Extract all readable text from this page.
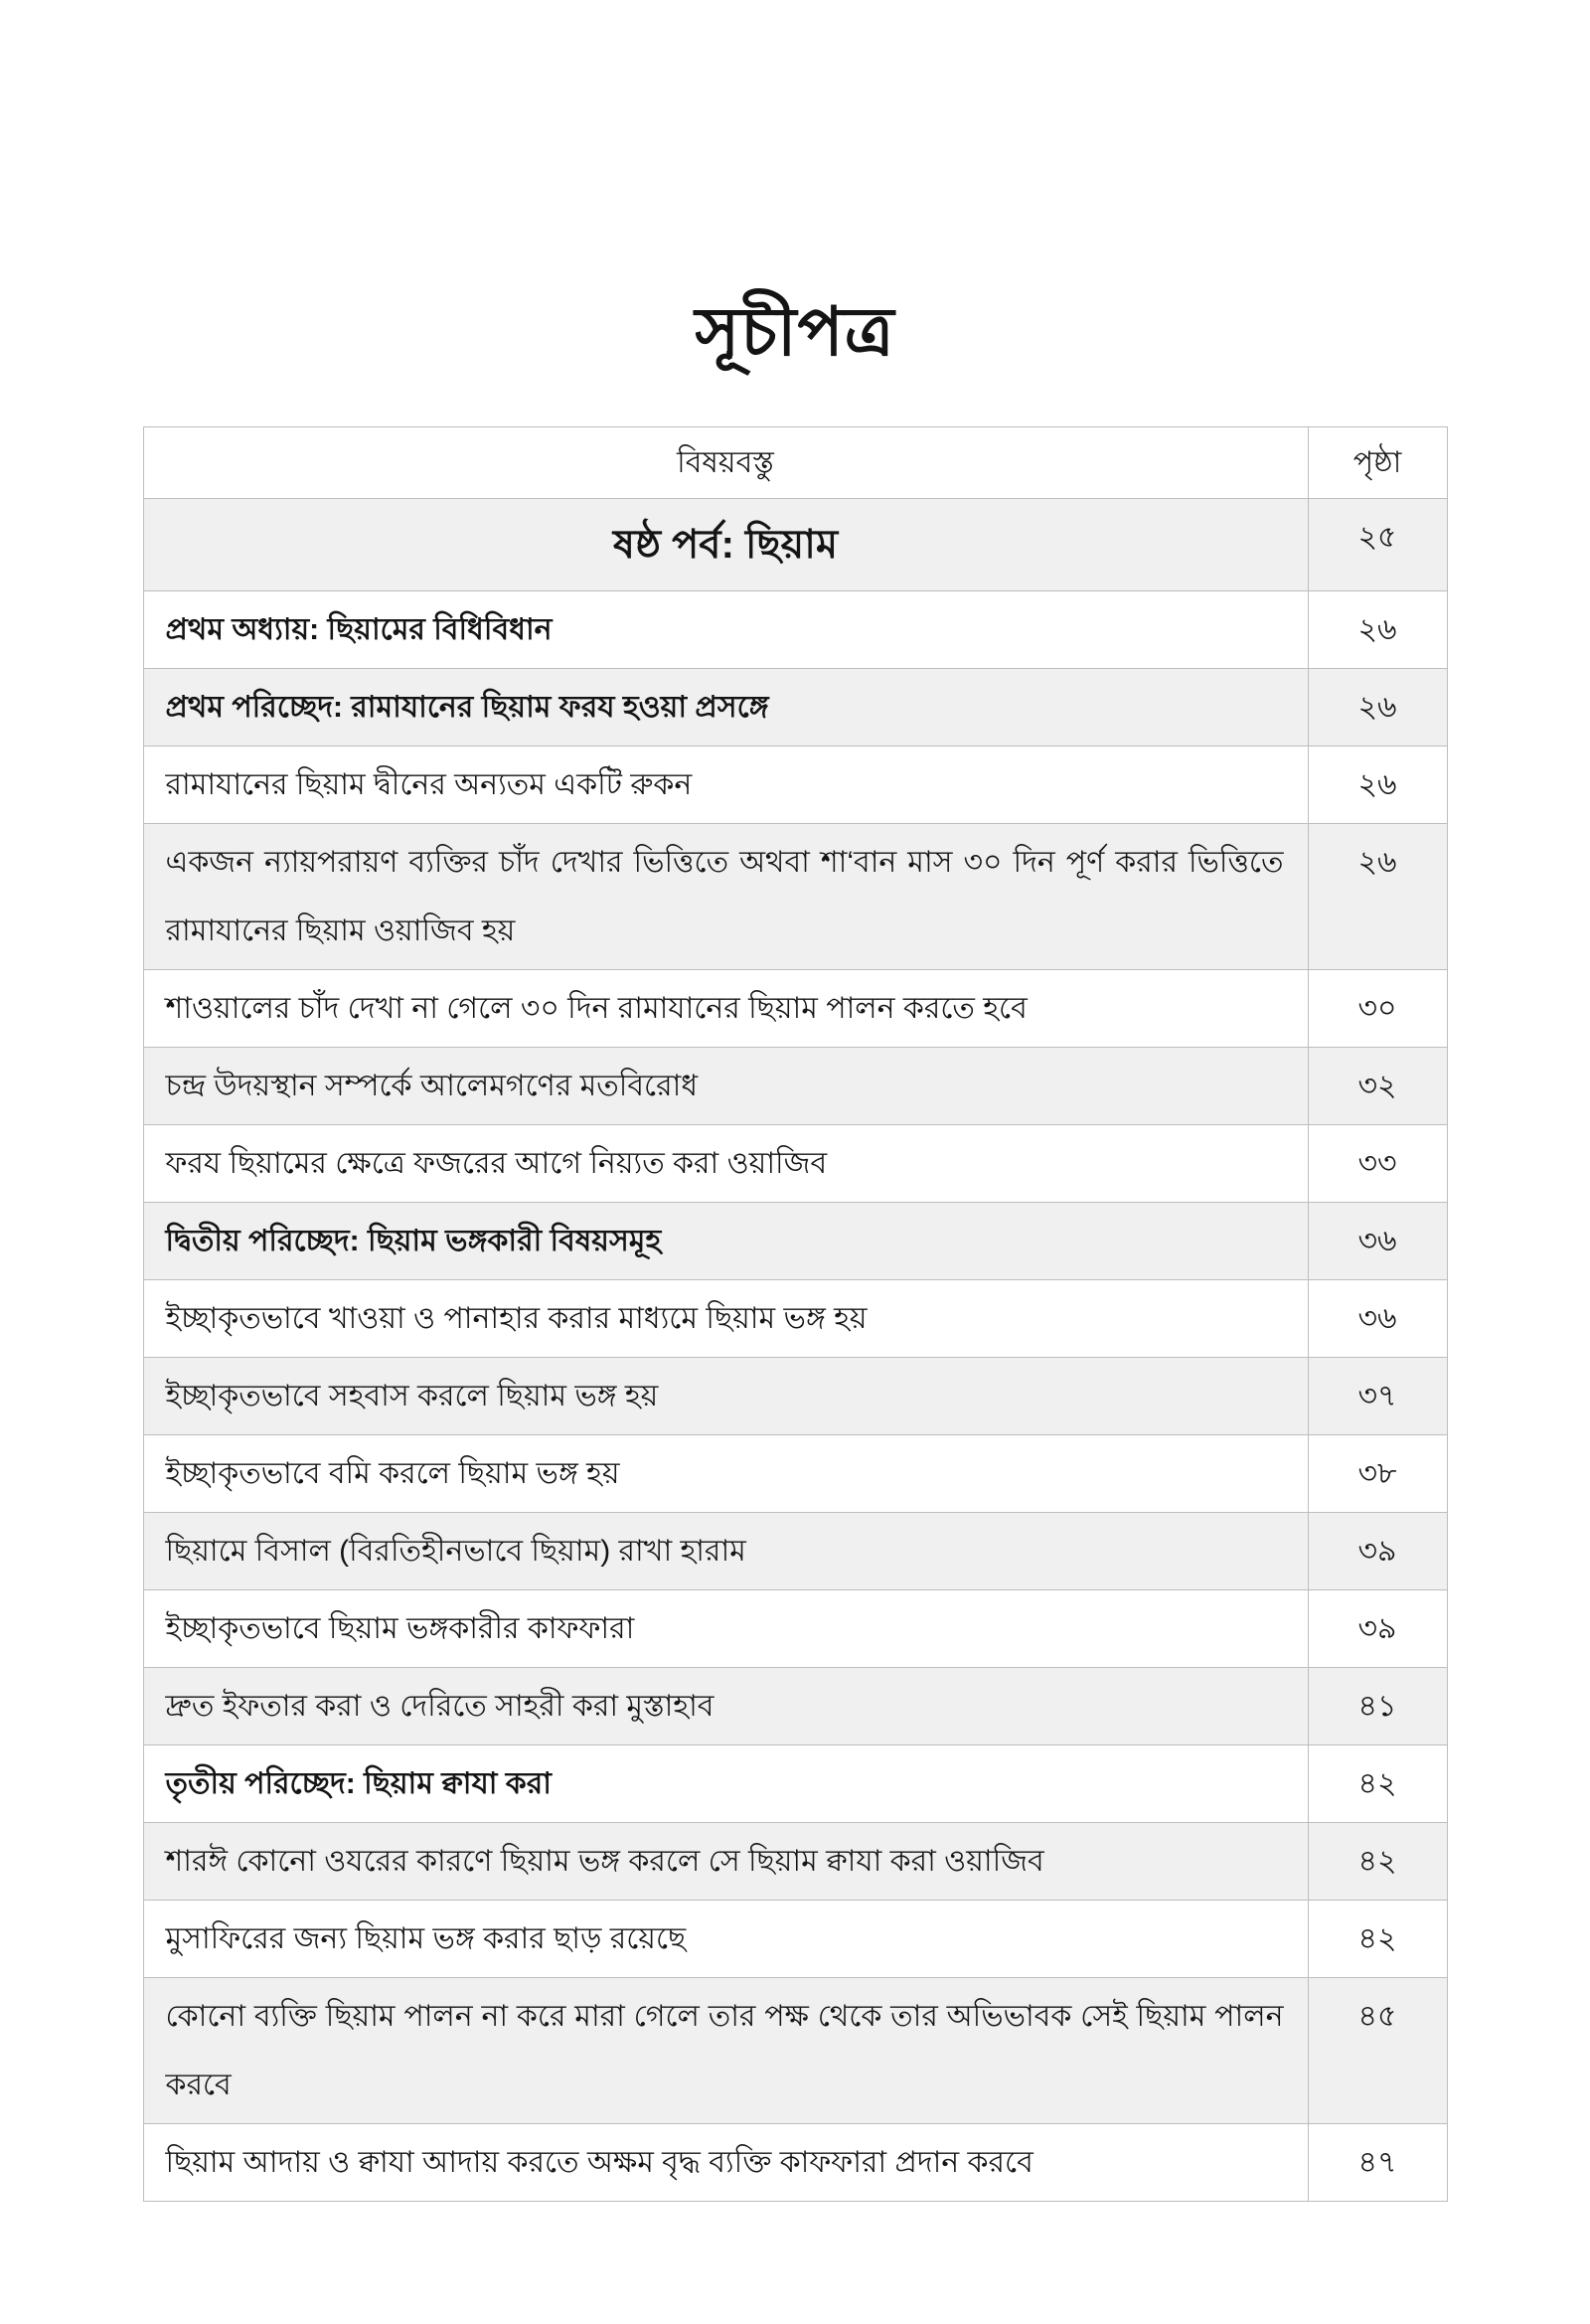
সূচীপত্র
বিষয়বস্তু	পৃষ্ঠা
ষষ্ঠ পর্ব: ছিয়াম	২৫
প্রথম অধ্যায়: ছিয়ামের বিধিবিধান	২৬
প্রথম পরিচ্ছেদ: রামাযানের ছিয়াম ফরয হওয়া প্রসঙ্গে	২৬
রামাযানের ছিয়াম দ্বীনের অন্যতম একটি রুকন	২৬
একজন ন্যায়পরায়ণ ব্যক্তির চাঁদ দেখার ভিত্তিতে অথবা শা‘বান মাস ৩০ দিন পূর্ণ করার ভিত্তিতে রামাযানের ছিয়াম ওয়াজিব হয়	২৬
শাওয়ালের চাঁদ দেখা না গেলে ৩০ দিন রামাযানের ছিয়াম পালন করতে হবে	৩০
চন্দ্র উদয়স্থান সম্পর্কে আলেমগণের মতবিরোধ	৩২
ফরয ছিয়ামের ক্ষেত্রে ফজরের আগে নিয়্যত করা ওয়াজিব	৩৩
দ্বিতীয় পরিচ্ছেদ: ছিয়াম ভঙ্গকারী বিষয়সমূহ	৩৬
ইচ্ছাকৃতভাবে খাওয়া ও পানাহার করার মাধ্যমে ছিয়াম ভঙ্গ হয়	৩৬
ইচ্ছাকৃতভাবে সহবাস করলে ছিয়াম ভঙ্গ হয়	৩৭
ইচ্ছাকৃতভাবে বমি করলে ছিয়াম ভঙ্গ হয়	৩৮
ছিয়ামে বিসাল (বিরতিহীনভাবে ছিয়াম) রাখা হারাম	৩৯
ইচ্ছাকৃতভাবে ছিয়াম ভঙ্গকারীর কাফফারা	৩৯
দ্রুত ইফতার করা ও দেরিতে সাহরী করা মুস্তাহাব	৪১
তৃতীয় পরিচ্ছেদ: ছিয়াম ক্বাযা করা	৪২
শারঈ কোনো ওযরের কারণে ছিয়াম ভঙ্গ করলে সে ছিয়াম ক্বাযা করা ওয়াজিব	৪২
মুসাফিরের জন্য ছিয়াম ভঙ্গ করার ছাড় রয়েছে	৪২
কোনো ব্যক্তি ছিয়াম পালন না করে মারা গেলে তার পক্ষ থেকে তার অভিভাবক সেই ছিয়াম পালন করবে	৪৫
ছিয়াম আদায় ও ক্বাযা আদায় করতে অক্ষম বৃদ্ধ ব্যক্তি কাফফারা প্রদান করবে	৪৭
